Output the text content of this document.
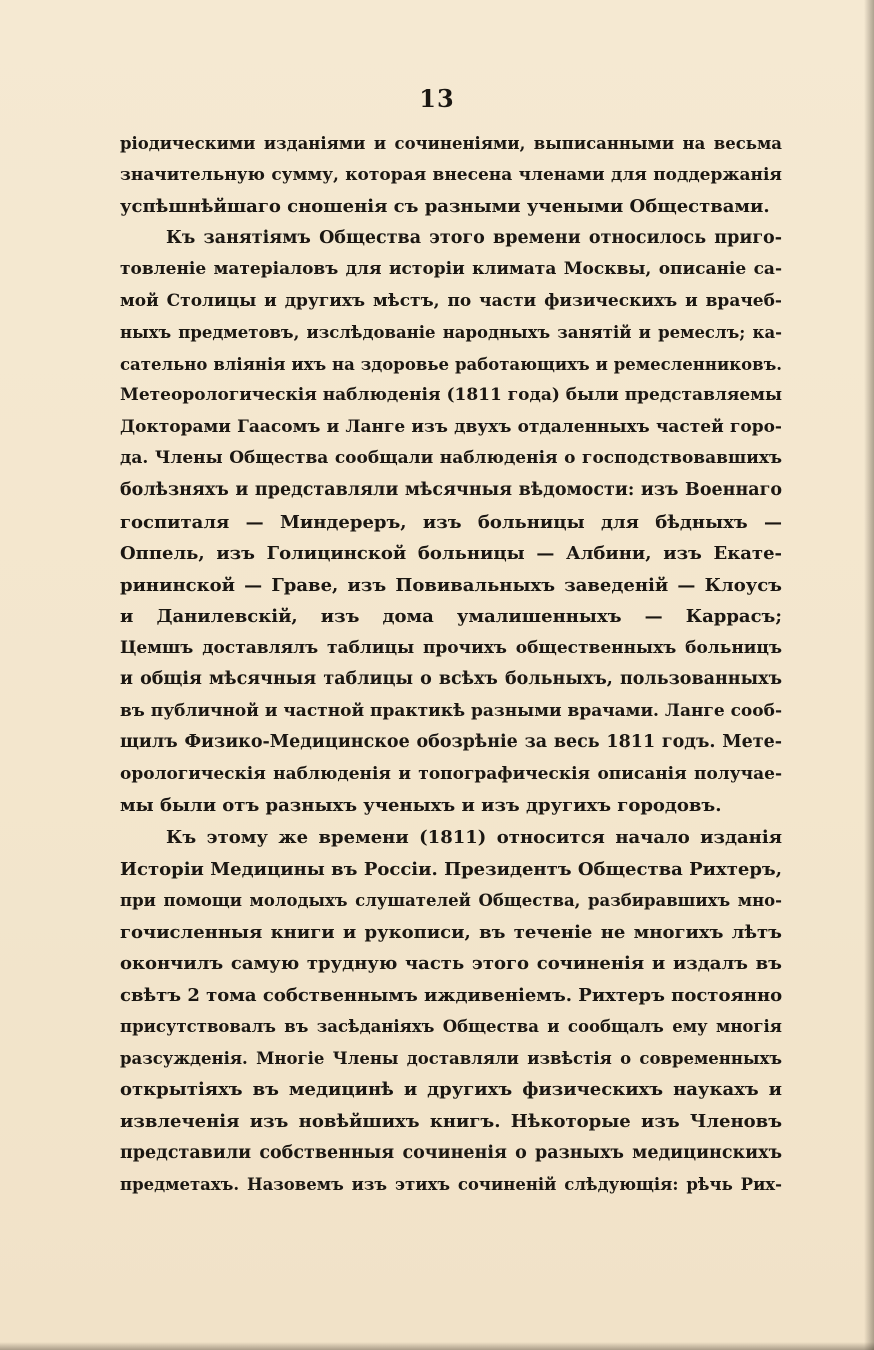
13
ріодическими изданіями и сочиненіями, выписанными на весьма
значительную сумму, которая внесена членами для поддержанія
успѣшнѣйшаго сношенія съ разными учеными Обществами.
Къ занятіямъ Общества этого времени относилось приго-
товленіе матеріаловъ для исторіи климата Москвы, описаніе са-
мой Столицы и другихъ мѣстъ, по части физическихъ и врачеб-
ныхъ предметовъ, изслѣдованіе народныхъ занятій и ремеслъ; ка-
сательно вліянія ихъ на здоровье работающихъ и ремесленниковъ.
Метеорологическія наблюденія (1811 года) были представляемы
Докторами Гаасомъ и Ланге изъ двухъ отдаленныхъ частей горо-
да. Члены Общества сообщали наблюденія о господствовавшихъ
болѣзняхъ и представляли мѣсячныя вѣдомости: изъ Военнаго
госпиталя — Миндереръ, изъ больницы для бѣдныхъ —
Оппель, изъ Голицинской больницы — Албини, изъ Екате-
рининской — Граве, изъ Повивальныхъ заведеній — Клоусъ
и Данилевскій, изъ дома умалишенныхъ — Каррасъ;
Цемшъ доставлялъ таблицы прочихъ общественныхъ больницъ
и общія мѣсячныя таблицы о всѣхъ больныхъ, пользованныхъ
въ публичной и частной практикѣ разными врачами. Ланге сооб-
щилъ Физико-Медицинское обозрѣніе за весь 1811 годъ. Мете-
орологическія наблюденія и топографическія описанія получае-
мы были отъ разныхъ ученыхъ и изъ другихъ городовъ.
Къ этому же времени (1811) относится начало изданія
Исторіи Медицины въ Россіи. Президентъ Общества Рихтеръ,
при помощи молодыхъ слушателей Общества, разбиравшихъ мно-
гочисленныя книги и рукописи, въ теченіе не многихъ лѣтъ
окончилъ самую трудную часть этого сочиненія и издалъ въ
свѣтъ 2 тома собственнымъ иждивеніемъ. Рихтеръ постоянно
присутствовалъ въ засѣданіяхъ Общества и сообщалъ ему многія
разсужденія. Многіе Члены доставляли извѣстія о современныхъ
открытіяхъ въ медицинѣ и другихъ физическихъ наукахъ и
извлеченія изъ новѣйшихъ книгъ. Нѣкоторые изъ Членовъ
представили собственныя сочиненія о разныхъ медицинскихъ
предметахъ. Назовемъ изъ этихъ сочиненій слѣдующія: рѣчь Рих-
